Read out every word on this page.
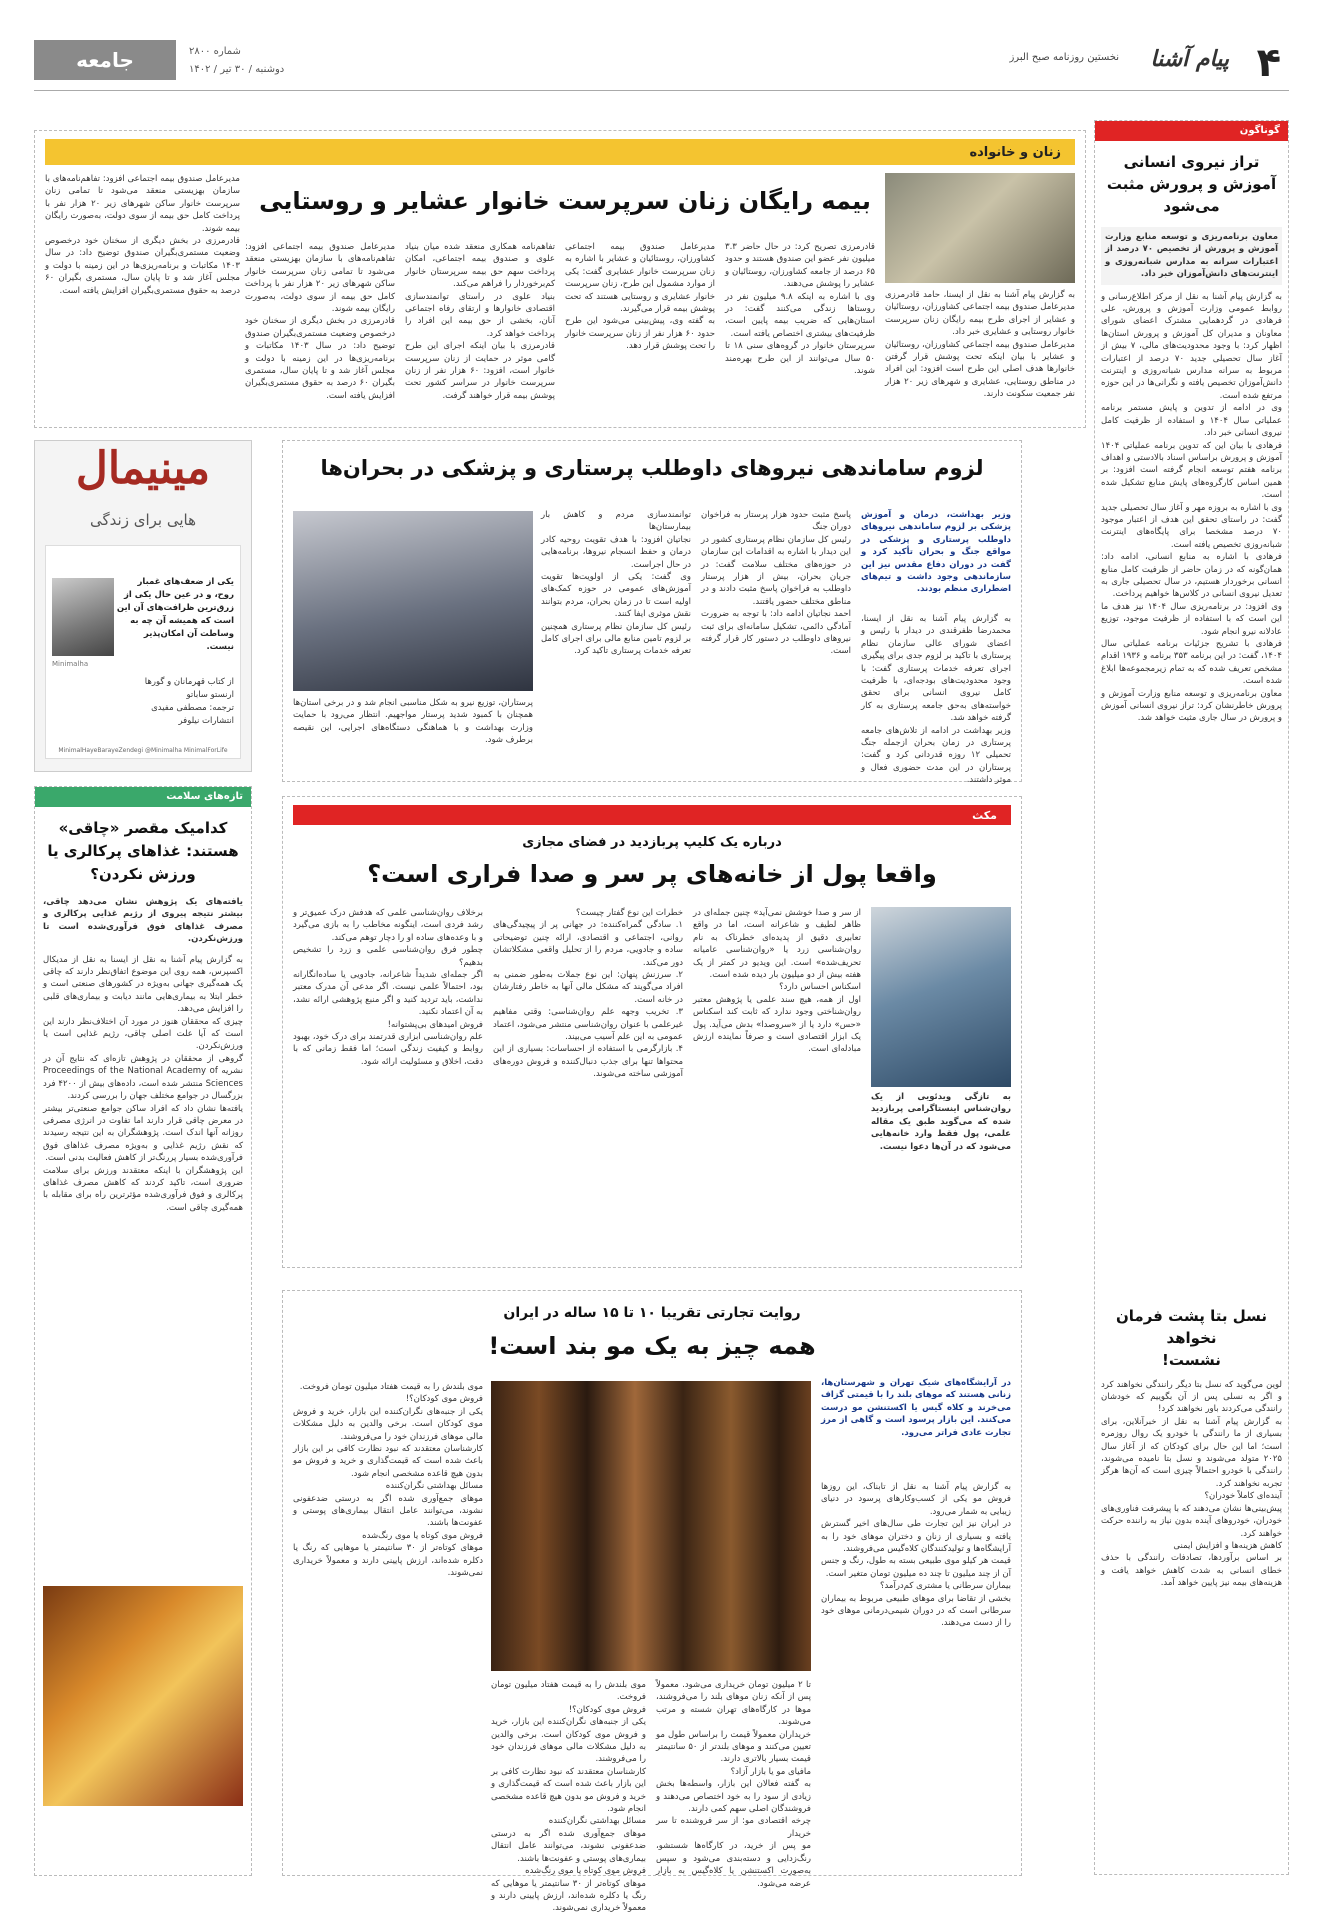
۴
پیام آشنا
نخستین روزنامه صبح البرز
شماره ۲۸۰۰
دوشنبه / ۳۰ تیر / ۱۴۰۲
جامعه
گوناگون
تراز نیروی انسانی
آموزش و پرورش مثبت می‌شود
معاون برنامه‌ریزی و توسعه منابع وزارت آموزش و پرورش از تخصیص ۷۰ درصد از اعتبارات سرانه به مدارس شبانه‌روزی و اینترنت‌های دانش‌آموزان خبر داد.
به گزارش پیام آشنا به نقل از مرکز اطلاع‌رسانی و روابط عمومی وزارت آموزش و پرورش، علی فرهادی در گردهمایی مشترک اعضای شورای معاونان و مدیران کل آموزش و پرورش استان‌ها اظهار کرد: با وجود محدودیت‌های مالی، ۷ بیش از آغاز سال تحصیلی جدید ۷۰ درصد از اعتبارات مربوط به سرانه مدارس شبانه‌روزی و اینترنت دانش‌آموزان تخصیص یافته و نگرانی‌ها در این حوزه مرتفع شده است.
وی در ادامه از تدوین و پایش مستمر برنامه عملیاتی سال ۱۴۰۴ و استفاده از ظرفیت کامل نیروی انسانی خبر داد.
فرهادی با بیان این که تدوین برنامه عملیاتی ۱۴۰۴ آموزش و پرورش براساس اسناد بالادستی و اهداف برنامه هفتم توسعه انجام گرفته است افزود: بر همین اساس کارگروه‌های پایش منابع تشکیل شده است.
وی با اشاره به بروزه مهر و آغاز سال تحصیلی جدید گفت: در راستای تحقق این هدف از اعتبار موجود ۷۰ درصد مشخصا برای پایگاه‌های اینترنت شبانه‌روزی تخصیص یافته است.
فرهادی با اشاره به منابع انسانی، ادامه داد: همان‌گونه که در زمان حاضر از ظرفیت کامل منابع انسانی برخوردار هستیم، در سال تحصیلی جاری به تعدیل نیروی انسانی در کلاس‌ها خواهیم پرداخت.
وی افزود: در برنامه‌ریزی سال ۱۴۰۴ نیز هدف ما این است که با استفاده از ظرفیت موجود، توزیع عادلانه نیرو انجام شود.
فرهادی با تشریح جزئیات برنامه عملیاتی سال ۱۴۰۴، گفت: در این برنامه ۳۵۳ برنامه و ۱۹۳۶ اقدام مشخص تعریف شده که به تمام زیرمجموعه‌ها ابلاغ شده است.
معاون برنامه‌ریزی و توسعه منابع وزارت آموزش و پرورش خاطرنشان کرد: تراز نیروی انسانی آموزش و پرورش در سال جاری مثبت خواهد شد.
نسل بتا پشت فرمان نخواهد
نشست!
لوین می‌گوید که نسل بتا دیگر رانندگی نخواهند کرد و اگر به نسلی پس از آن بگوییم که خودشان رانندگی می‌کردند باور نخواهند کرد!
به گزارش پیام آشنا به نقل از خبرآنلاین، برای بسیاری از ما رانندگی با خودرو یک روال روزمره است؛ اما این حال برای کودکان که از آغاز سال ۲۰۲۵ متولد می‌شوند و نسل بتا نامیده می‌شوند، رانندگی با خودرو احتمالاً چیزی است که آن‌ها هرگز تجربه نخواهند کرد.
آینده‌ای کاملاً خودران؟
پیش‌بینی‌ها نشان می‌دهند که با پیشرفت فناوری‌های خودران، خودروهای آینده بدون نیاز به راننده حرکت خواهند کرد.
کاهش هزینه‌ها و افزایش ایمنی
بر اساس برآوردها، تصادفات رانندگی با حذف خطای انسانی به شدت کاهش خواهد یافت و هزینه‌های بیمه نیز پایین خواهد آمد.
زنان و خانواده
به گزارش پیام آشنا به نقل از ایسنا، حامد قادرمرزی مدیرعامل صندوق بیمه اجتماعی کشاورزان، روستائیان و عشایر از اجرای طرح بیمه رایگان زنان سرپرست خانوار روستایی و عشایری خبر داد.
مدیرعامل صندوق بیمه اجتماعی کشاورزان، روستائیان و عشایر با بیان اینکه تحت پوشش قرار گرفتن خانوارها هدف اصلی این طرح است افزود: این افراد در مناطق روستایی، عشایری و شهرهای زیر ۲۰ هزار نفر جمعیت سکونت دارند.
بیمه رایگان زنان سرپرست خانوار عشایر و روستایی
قادرمرزی تصریح کرد: در حال حاضر ۳.۳ میلیون نفر عضو این صندوق هستند و حدود ۶۵ درصد از جامعه کشاورزان، روستائیان و عشایر را پوشش می‌دهند.
وی با اشاره به اینکه ۹.۸ میلیون نفر در روستاها زندگی می‌کنند گفت: در استان‌هایی که ضریب بیمه پایین است، ظرفیت‌های بیشتری اختصاص یافته است.
سرپرستان خانوار در گروه‌های سنی ۱۸ تا ۵۰ سال می‌توانند از این طرح بهره‌مند شوند.
مدیرعامل صندوق بیمه اجتماعی کشاورزان، روستائیان و عشایر با اشاره به زنان سرپرست خانوار عشایری گفت: یکی از موارد مشمول این طرح، زنان سرپرست خانوار عشایری و روستایی هستند که تحت پوشش بیمه قرار می‌گیرند.
به گفته وی، پیش‌بینی می‌شود این طرح حدود ۶۰ هزار نفر از زنان سرپرست خانوار را تحت پوشش قرار دهد.
تفاهم‌نامه همکاری منعقد شده میان بنیاد علوی و صندوق بیمه اجتماعی، امکان پرداخت سهم حق بیمه سرپرستان خانوار کم‌برخوردار را فراهم می‌کند.
بنیاد علوی در راستای توانمندسازی اقتصادی خانوارها و ارتقای رفاه اجتماعی آنان، بخشی از حق بیمه این افراد را پرداخت خواهد کرد.
قادرمرزی با بیان اینکه اجرای این طرح گامی موثر در حمایت از زنان سرپرست خانوار است، افزود: ۶۰ هزار نفر از زنان سرپرست خانوار در سراسر کشور تحت پوشش بیمه قرار خواهند گرفت.
مدیرعامل صندوق بیمه اجتماعی افزود: تفاهم‌نامه‌های با سازمان بهزیستی منعقد می‌شود تا تمامی زنان سرپرست خانوار ساکن شهرهای زیر ۲۰ هزار نفر با پرداخت کامل حق بیمه از سوی دولت، به‌صورت رایگان بیمه شوند.
قادرمرزی در بخش دیگری از سخنان خود درخصوص وضعیت مستمری‌بگیران صندوق توضیح داد: در سال ۱۴۰۳ مکاتبات و برنامه‌ریزی‌ها در این زمینه با دولت و مجلس آغاز شد و تا پایان سال، مستمری بگیران ۶۰ درصد به حقوق مستمری‌بگیران افزایش یافته است.
مدیرعامل صندوق بیمه اجتماعی افزود: تفاهم‌نامه‌های با سازمان بهزیستی منعقد می‌شود تا تمامی زنان سرپرست خانوار ساکن شهرهای زیر ۲۰ هزار نفر با پرداخت کامل حق بیمه از سوی دولت، به‌صورت رایگان بیمه شوند.
قادرمرزی در بخش دیگری از سخنان خود درخصوص وضعیت مستمری‌بگیران صندوق توضیح داد: در سال ۱۴۰۳ مکاتبات و برنامه‌ریزی‌ها در این زمینه با دولت و مجلس آغاز شد و تا پایان سال، مستمری بگیران ۶۰ درصد به حقوق مستمری‌بگیران افزایش یافته است.
مینیمال
هایی برای زندگی
Minimalha
یکی از ضعف‌های غمبار روح، و در عین حال یکی از زرق‌ترین ظرافت‌های آن این است که همیشه آن چه به وساطت آن امکان‌پذیر نیست.
از کتاب قهرمانان و گورها
ارنستو ساباتو
ترجمه: مصطفی مفیدی
انتشارات نیلوفر
MinimalHayeBarayeZendegi @Minimalha MinimalForLife
لزوم ساماندهی نیروهای داوطلب پرستاری و پزشکی در بحران‌ها
وزیر بهداشت، درمان و آموزش پزشکی بر لزوم ساماندهی نیروهای داوطلب پرستاری و پزشکی در مواقع جنگ و بحران تأکید کرد و گفت در دوران دفاع مقدس نیز این سازماندهی وجود داشت و تیم‌های اضطراری منظم بودند.
به گزارش پیام آشنا به نقل از ایسنا، محمدرضا ظفرقندی در دیدار با رئیس و اعضای شورای عالی سازمان نظام پرستاری با تاکید بر لزوم جدی برای پیگیری اجرای تعرفه خدمات پرستاری گفت: با وجود محدودیت‌های بودجه‌ای، با ظرفیت کامل نیروی انسانی برای تحقق خواسته‌های به‌حق جامعه پرستاری به کار گرفته خواهد شد.
وزیر بهداشت در ادامه از تلاش‌های جامعه پرستاری در زمان بحران ازجمله جنگ تحمیلی ۱۲ روزه قدردانی کرد و گفت: پرستاران در این مدت حضوری فعال و موثر داشتند.
پاسخ مثبت حدود هزار پرستار به فراخوان دوران جنگ
رئیس کل سازمان نظام پرستاری کشور در این دیدار با اشاره به اقدامات این سازمان در حوزه‌های مختلف سلامت گفت: در جریان بحران، بیش از هزار پرستار داوطلب به فراخوان پاسخ مثبت دادند و در مناطق مختلف حضور یافتند.
احمد نجاتیان ادامه داد: با توجه به ضرورت آمادگی دائمی، تشکیل سامانه‌ای برای ثبت نیروهای داوطلب در دستور کار قرار گرفته است.
توانمندسازی مردم و کاهش بار بیمارستان‌ها
نجاتیان افزود: با هدف تقویت روحیه کادر درمان و حفظ انسجام نیروها، برنامه‌هایی در حال اجراست.
وی گفت: یکی از اولویت‌ها تقویت آموزش‌های عمومی در حوزه کمک‌های اولیه است تا در زمان بحران، مردم بتوانند نقش موثری ایفا کنند.
رئیس کل سازمان نظام پرستاری همچنین بر لزوم تامین منابع مالی برای اجرای کامل تعرفه خدمات پرستاری تاکید کرد.
پرستاران، توزیع نیرو به شکل مناسبی انجام شد و در برخی استان‌ها همچنان با کمبود شدید پرستار مواجهیم. انتظار می‌رود با حمایت وزارت بهداشت و با هماهنگی دستگاه‌های اجرایی، این نقیصه برطرف شود.
تازه‌های سلامت
کدامیک مقصر «چاقی» هستند: غذاهای پرکالری یا ورزش نکردن؟
یافته‌های یک پژوهش نشان می‌دهد چاقی، بیشتر نتیجه پیروی از رژیم غذایی پرکالری و مصرف غذاهای فوق فرآوری‌شده است تا ورزش‌نکردن.
به گزارش پیام آشنا به نقل از ایسنا به نقل از مدیکال اکسپرس، همه روی این موضوع اتفاق‌نظر دارند که چاقی یک همه‌گیری جهانی به‌ویژه در کشورهای صنعتی است و خطر ابتلا به بیماری‌هایی مانند دیابت و بیماری‌های قلبی را افزایش می‌دهد.
چیزی که محققان هنوز در مورد آن اختلاف‌نظر دارند این است که آیا علت اصلی چاقی، رژیم غذایی است یا ورزش‌نکردن.
گروهی از محققان در پژوهش تازه‌ای که نتایج آن در نشریه Proceedings of the National Academy of Sciences منتشر شده است، داده‌های بیش از ۴۲۰۰ فرد بزرگسال در جوامع مختلف جهان را بررسی کردند.
یافته‌ها نشان داد که افراد ساکن جوامع صنعتی‌تر بیشتر در معرض چاقی قرار دارند اما تفاوت در انرژی مصرفی روزانه آنها اندک است. پژوهشگران به این نتیجه رسیدند که نقش رژیم غذایی و به‌ویژه مصرف غذاهای فوق فرآوری‌شده بسیار پررنگ‌تر از کاهش فعالیت بدنی است.
این پژوهشگران با اینکه معتقدند ورزش برای سلامت ضروری است، تاکید کردند که کاهش مصرف غذاهای پرکالری و فوق فرآوری‌شده مؤثرترین راه برای مقابله با همه‌گیری چاقی است.
مکث
درباره یک کلیپ پربازدید در فضای مجازی
واقعا پول از خانه‌های پر سر و صدا فراری است؟
به تازگی ویدئویی از یک روان‌شناس اینستاگرامی پربازدید شده که می‌گوید طبق یک مقاله علمی، پول فقط وارد خانه‌هایی می‌شود که در آن‌ها دعوا نیست.
از سر و صدا خوشش نمی‌آید» چنین جمله‌ای در ظاهر لطیف و شاعرانه است، اما در واقع تعابیری دقیق از پدیده‌ای خطرناک به نام روان‌شناسی زرد یا «روان‌شناسی عامیانه تحریف‌شده» است. این ویدیو در کمتر از یک هفته بیش از دو میلیون بار دیده شده است.
اسکناس احساس دارد؟
اول از همه، هیچ سند علمی یا پژوهش معتبر روان‌شناختی وجود ندارد که ثابت کند اسکناس «حس» دارد یا از «سروصدا» بدش می‌آید. پول یک ابزار اقتصادی است و صرفاً نماینده ارزش مبادله‌ای است.
خطرات این نوع گفتار چیست؟
۱. سادگی گمراه‌کننده: در جهانی پر از پیچیدگی‌های روانی، اجتماعی و اقتصادی، ارائه چنین توضیحاتی ساده و جادویی، مردم را از تحلیل واقعی مشکلاتشان دور می‌کند.
۲. سرزنش پنهان: این نوع جملات به‌طور ضمنی به افراد می‌گویند که مشکل مالی آنها به خاطر رفتارشان در خانه است.
۳. تخریب وجهه علم روان‌شناسی: وقتی مفاهیم غیرعلمی با عنوان روان‌شناسی منتشر می‌شود، اعتماد عمومی به این علم آسیب می‌بیند.
۴. بازارگرمی با استفاده از احساسات: بسیاری از این محتواها تنها برای جذب دنبال‌کننده و فروش دوره‌های آموزشی ساخته می‌شوند.
برخلاف روان‌شناسی علمی که هدفش درک عمیق‌تر و رشد فردی است، اینگونه مخاطب را به بازی می‌گیرد و با وعده‌های ساده‌ او را دچار توهم می‌کند.
چطور فرق روان‌شناسی علمی و زرد را تشخیص بدهیم؟
اگر جمله‌ای شدیداً شاعرانه، جادویی یا ساده‌انگارانه بود، احتمالاً علمی نیست. اگر مدعی آن مدرک معتبر نداشت، باید تردید کنید و اگر منبع پژوهشی ارائه نشد، به آن اعتماد نکنید.
فروش امیدهای بی‌پشتوانه!
علم روان‌شناسی ابزاری قدرتمند برای درک خود، بهبود روابط و کیفیت زندگی است؛ اما فقط زمانی که با دقت، اخلاق و مسئولیت ارائه شود.
روایت تجارتی تقریبا ۱۰ تا ۱۵ ساله در ایران
همه چیز به یک مو بند است!
در آرایشگاه‌های شیک تهران و شهرستان‌ها، زنانی هستند که موهای بلند را با قیمتی گزاف می‌خرند و کلاه گیس یا اکستنشن مو درست می‌کنند. این بازار پرسود است و گاهی از مرز تجارت عادی فراتر می‌رود.
به گزارش پیام آشنا به نقل از تابناک، این روزها فروش مو یکی از کسب‌وکارهای پرسود در دنیای زیبایی به شمار می‌رود.
در ایران نیز این تجارت طی سال‌های اخیر گسترش یافته و بسیاری از زنان و دختران موهای خود را به آرایشگاه‌ها و تولیدکنندگان کلاه‌گیس می‌فروشند.
قیمت هر کیلو موی طبیعی بسته به طول، رنگ و جنس آن از چند میلیون تا چند ده میلیون تومان متغیر است.
بیماران سرطانی یا مشتری کم‌درآمد؟
بخشی از تقاضا برای موهای طبیعی مربوط به بیماران سرطانی است که در دوران شیمی‌درمانی موهای خود را از دست می‌دهند.
تا ۲ میلیون تومان خریداری می‌شود. معمولاً پس از آنکه زنان موهای بلند را می‌فروشند، موها در کارگاه‌های تهران شسته و مرتب می‌شوند.
خریداران معمولاً قیمت را براساس طول مو تعیین می‌کنند و موهای بلندتر از ۵۰ سانتیمتر قیمت بسیار بالاتری دارند.
مافیای مو یا بازار آزاد؟
به گفته فعالان این بازار، واسطه‌ها بخش زیادی از سود را به خود اختصاص می‌دهند و فروشندگان اصلی سهم کمی دارند.
چرخه اقتصادی مو: از سر فروشنده تا سر خریدار
مو پس از خرید، در کارگاه‌ها شستشو، رنگ‌زدایی و دسته‌بندی می‌شود و سپس به‌صورت اکستنشن یا کلاه‌گیس به بازار عرضه می‌شود.
موی بلندش را به قیمت هفتاد میلیون تومان فروخت.
فروش موی کودکان؟!
یکی از جنبه‌های نگران‌کننده این بازار، خرید و فروش موی کودکان است. برخی والدین به دلیل مشکلات مالی موهای فرزندان خود را می‌فروشند.
کارشناسان معتقدند که نبود نظارت کافی بر این بازار باعث شده است که قیمت‌گذاری و خرید و فروش مو بدون هیچ قاعده مشخصی انجام شود.
مسائل بهداشتی نگران‌کننده
موهای جمع‌آوری شده اگر به درستی ضدعفونی نشوند، می‌توانند عامل انتقال بیماری‌های پوستی و عفونت‌ها باشند.
فروش موی کوتاه یا موی رنگ‌شده
موهای کوتاه‌تر از ۳۰ سانتیمتر یا موهایی که رنگ یا دکلره شده‌اند، ارزش پایینی دارند و معمولاً خریداری نمی‌شوند.
موی بلندش را به قیمت هفتاد میلیون تومان فروخت.
فروش موی کودکان؟!
یکی از جنبه‌های نگران‌کننده این بازار، خرید و فروش موی کودکان است. برخی والدین به دلیل مشکلات مالی موهای فرزندان خود را می‌فروشند.
کارشناسان معتقدند که نبود نظارت کافی بر این بازار باعث شده است که قیمت‌گذاری و خرید و فروش مو بدون هیچ قاعده مشخصی انجام شود.
مسائل بهداشتی نگران‌کننده
موهای جمع‌آوری شده اگر به درستی ضدعفونی نشوند، می‌توانند عامل انتقال بیماری‌های پوستی و عفونت‌ها باشند.
فروش موی کوتاه یا موی رنگ‌شده
موهای کوتاه‌تر از ۳۰ سانتیمتر یا موهایی که رنگ یا دکلره شده‌اند، ارزش پایینی دارند و معمولاً خریداری نمی‌شوند.
